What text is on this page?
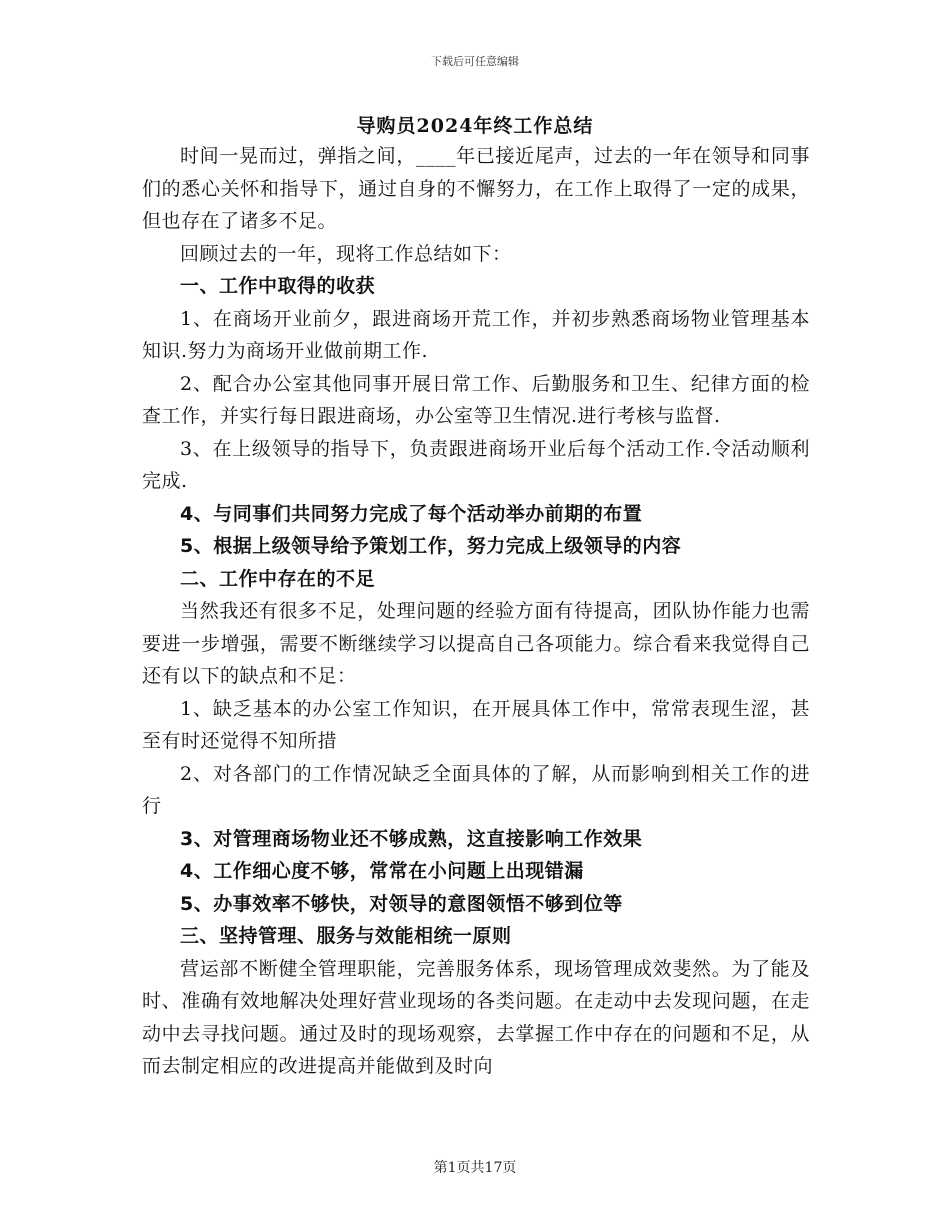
下载后可任意编辑
导购员2024年终工作总结

时间一晃而过，弹指之间，____年已接近尾声，过去的一年在领导和同事们的悉心关怀和指导下，通过自身的不懈努力，在工作上取得了一定的成果，但也存在了诸多不足。

回顾过去的一年，现将工作总结如下：

一、工作中取得的收获

1、在商场开业前夕，跟进商场开荒工作，并初步熟悉商场物业管理基本知识.努力为商场开业做前期工作.

2、配合办公室其他同事开展日常工作、后勤服务和卫生、纪律方面的检查工作，并实行每日跟进商场，办公室等卫生情况.进行考核与监督.

3、在上级领导的指导下，负责跟进商场开业后每个活动工作.令活动顺利完成.

4、与同事们共同努力完成了每个活动举办前期的布置

5、根据上级领导给予策划工作，努力完成上级领导的内容

二、工作中存在的不足

当然我还有很多不足，处理问题的经验方面有待提高，团队协作能力也需要进一步增强，需要不断继续学习以提高自己各项能力。综合看来我觉得自己还有以下的缺点和不足：

1、缺乏基本的办公室工作知识，在开展具体工作中，常常表现生涩，甚至有时还觉得不知所措

2、对各部门的工作情况缺乏全面具体的了解，从而影响到相关工作的进行

3、对管理商场物业还不够成熟，这直接影响工作效果

4、工作细心度不够，常常在小问题上出现错漏

5、办事效率不够快，对领导的意图领悟不够到位等

三、坚持管理、服务与效能相统一原则

营运部不断健全管理职能，完善服务体系，现场管理成效斐然。为了能及时、准确有效地解决处理好营业现场的各类问题。在走动中去发现问题，在走动中去寻找问题。通过及时的现场观察，去掌握工作中存在的问题和不足，从而去制定相应的改进提高并能做到及时向

第1页共17页
